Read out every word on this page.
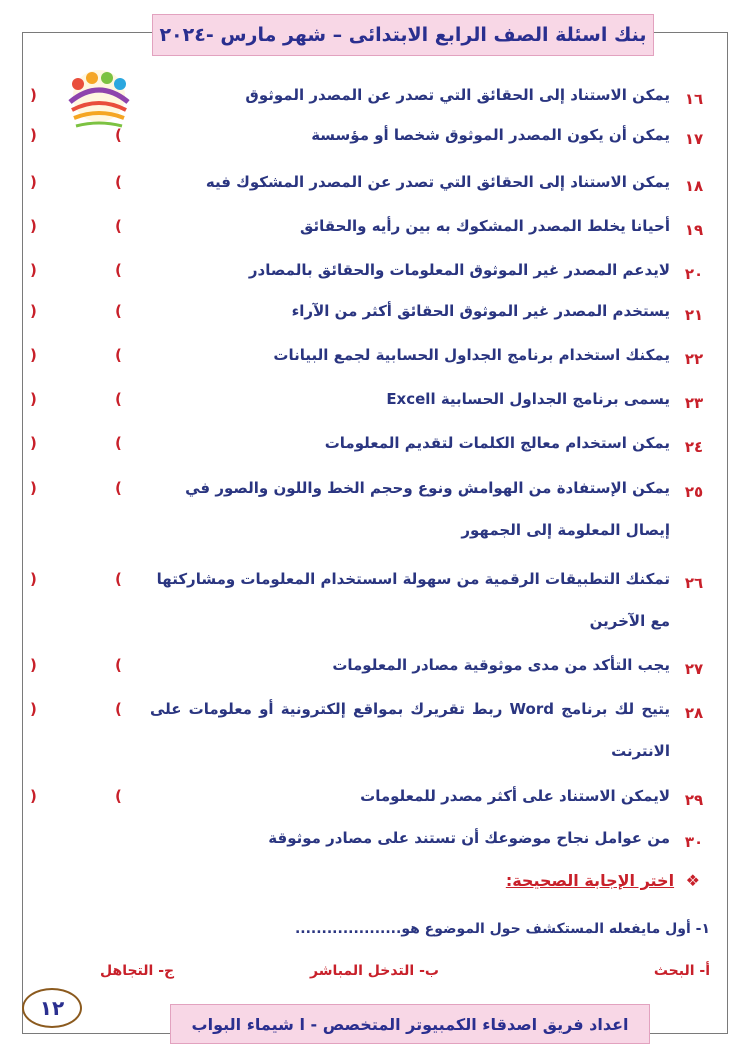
بنك اسئلة الصف الرابع الابتدائى – شهر مارس -٢٠٢٤
١٦
يمكن الاستناد إلى الحقائق التي تصدر عن المصدر الموثوق
)
١٧
يمكن أن يكون المصدر الموثوق شخصا أو مؤسسة
(
)
١٨
يمكن الاستناد إلى الحقائق التي تصدر عن المصدر المشكوك فيه
(
)
١٩
أحيانا يخلط المصدر المشكوك به بين رأيه والحقائق
(
)
٢٠
لايدعم المصدر غير الموثوق المعلومات والحقائق بالمصادر
(
)
٢١
يستخدم المصدر غير الموثوق الحقائق أكثر من الآراء
(
)
٢٢
يمكنك استخدام برنامج الجداول الحسابية لجمع البيانات
(
)
٢٣
يسمى برنامج الجداول الحسابية Excell
(
)
٢٤
يمكن استخدام معالج الكلمات لتقديم المعلومات
(
)
٢٥
يمكن الإستفادة من الهوامش ونوع وحجم الخط واللون والصور في إيصال المعلومة إلى الجمهور
(
)
٢٦
تمكنك التطبيقات الرقمية من سهولة اسستخدام المعلومات ومشاركتها مع الآخرين
(
)
٢٧
يجب التأكد من مدى موثوقية مصادر المعلومات
(
)
٢٨
يتيح لك برنامج Word ربط تقريرك بمواقع إلكترونية أو معلومات على الانترنت
(
)
٢٩
لايمكن الاستناد على أكثر مصدر للمعلومات
(
)
٣٠
من عوامل نجاح موضوعك أن تستند على مصادر موثوقة
❖ اختر الإجابة الصحيحة:
١- أول مايفعله المستكشف حول الموضوع هو....................
أ- البحث
ب- التدخل المباشر
ج- التجاهل
١٢
اعداد فريق اصدقاء الكمبيوتر المتخصص - ا شيماء البواب
